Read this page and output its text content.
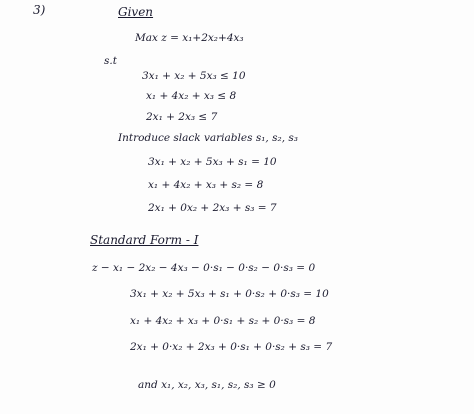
3)	Given
Max z = x₁+2x₂+4x₃
s.t
3x₁ + x₂ + 5x₃ ≤ 10
x₁ + 4x₂ + x₃ ≤ 8
2x₁ + 2x₃ ≤ 7
Introduce slack variables s₁, s₂, s₃
3x₁ + x₂ + 5x₃ + s₁ = 10
x₁ + 4x₂ + x₃ + s₂ = 8
2x₁ + 0x₂ + 2x₃ + s₃ = 7
Standard Form - I
z − x₁ − 2x₂ − 4x₃ − 0·s₁ − 0·s₂ − 0·s₃ = 0
3x₁ + x₂ + 5x₃ + s₁ + 0·s₂ + 0·s₃ = 10
x₁ + 4x₂ + x₃ + 0·s₁ + s₂ + 0·s₃ = 8
2x₁ + 0·x₂ + 2x₃ + 0·s₁ + 0·s₂ + s₃ = 7
and x₁, x₂, x₃, s₁, s₂, s₃ ≥ 0
